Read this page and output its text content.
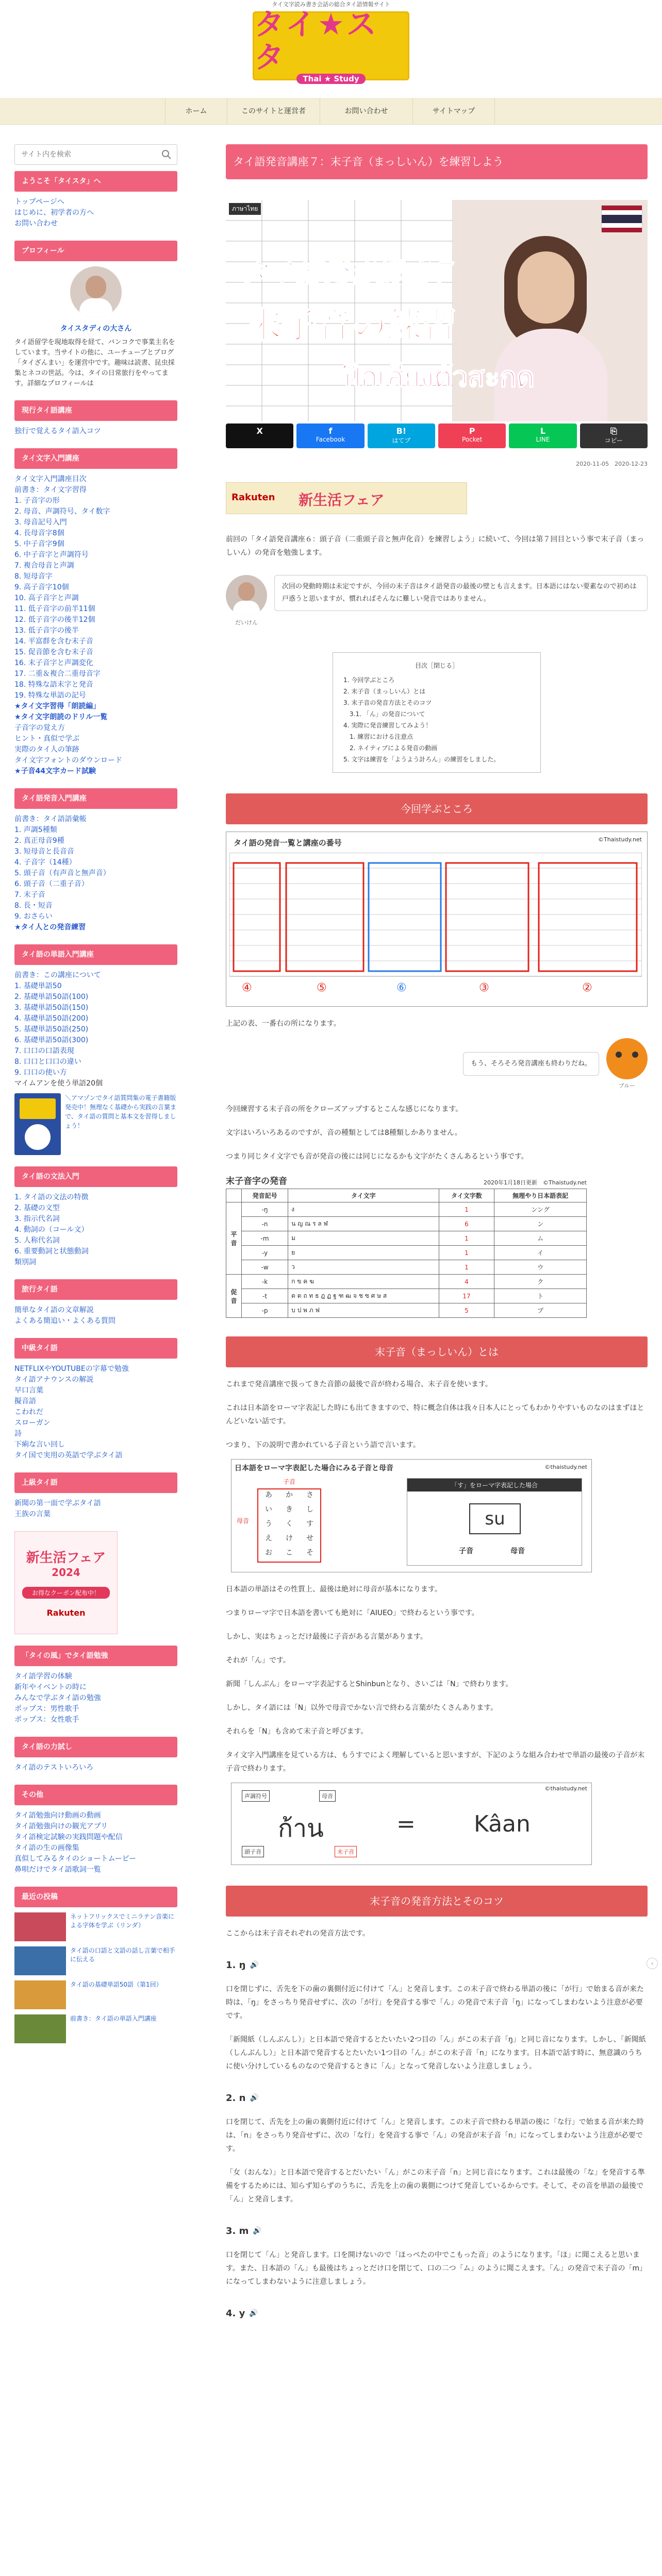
タイ文字読み書き会話の総合タイ語情報サイト
タイ★スタ
Thai ★ Study
ホーム	このサイトと運営者	お問い合わせ	サイトマップ
サイト内を検索
ようこそ「タイスタ」へ
トップページへ
はじめに、初学者の方へ
お問い合わせ
プロフィール
タイスタディの大さん
タイ語留学を現地取得を経て、バンコクで事業主名をしています。当サイトの他に、ユーチューブとブログ「タイざんまい」を運営中です。趣味は読書、昆虫採集とネコの世話。今は、タイの日常旅行をやってます。詳細なプロフィールは
現行タイ語講座
独行で覚えるタイ語入コツ
タイ文字入門講座
タイ文字入門講座目次
前書き：タイ文字習得
1. 子音字の形
2. 母音、声調符号、タイ数字
3. 母音記号入門
4. 長母音字8個
5. 中子音字9個
6. 中子音字と声調符号
7. 複合母音と声調
8. 短母音字
9. 高子音字10個
10. 高子音字と声調
11. 低子音字の前半11個
12. 低子音字の後半12個
13. 低子音字の後半
14. 平富群を含む末子音
15. 促音節を含む末子音
16. 末子音字と声調変化
17. 二重＆複合二重母音字
18. 特殊な語末字と発音
19. 特殊な単語の記号
★タイ文字習得「朗読編」
★タイ文字朗読のドリル一覧
子音字の覚え方
ヒント・真似で学ぶ
実際のタイ人の筆跡
タイ文字フォントのダウンロード
★子音44文字カード試験
タイ語発音入門講座
前書き：タイ語語彙帳
1. 声調5種類
2. 真正母音9種
3. 短母音と長音音
4. 子音字（14種）
5. 頭子音（有声音と無声音）
6. 頭子音（二重子音）
7. 末子音
8. 長・短音
9. おさらい
★タイ人との発音練習
タイ語の単語入門講座
前書き：この講座について
1. 基礎単語50
2. 基礎単語50語(100)
3. 基礎単語50語(150)
4. 基礎単語50語(200)
5. 基礎単語50語(250)
6. 基礎単語50語(300)
7. 口口の口語表現
8. 口口と口口の違い
9. 口口の使い方
マイムアンを使う単語20個
＼アマゾンでタイ語質問集の電子書籍版発売中！無理なく基礎から実践の言葉まで、タイ語の質問と基本文を習得しましょう！
タイ語の文法入門
1. タイ語の文法の特徴
2. 基礎の文型
3. 指示代名詞
4. 動詞の（コール文）
5. 人称代名詞
6. 重要動詞と状態動詞
類別詞
旅行タイ語
簡単なタイ語の文章解説
よくある簡追い・よくある質問
中級タイ語
NETFLIXやYOUTUBEの字幕で勉強
タイ語アナウンスの解説
早口言葉
擬音語
こわれだ
スローガン
詩
下痢な言い回し
タイ国で実用の英語で学ぶタイ語
上級タイ語
新聞の第一面で学ぶタイ語
王族の言葉
新生活フェア
2024
お得なクーポン配布中！
Rakuten
「タイの風」でタイ語勉強
タイ語学習の体験
新年やイベントの時に
みんなで学ぶタイ語の勉強
ポップス：男性歌手
ポップス：女性歌手
タイ語の力試し
タイ語のテストいろいろ
その他
タイ語勉強向け動画の動画
タイ語勉強向けの観光アプリ
タイ語検定試験の実践問題や配信
タイ語の生の画像集
真似してみるタイのショートムービー
鼻唄だけでタイ語歌詞一覧
最近の投稿
ネットフリックスでミニラテン音楽による字体を学ぶ（リンダ）
タイ語の口語と文語の話し言葉で相手に伝える
タイ語の基礎単語50語（第1回）
前書き：タイ語の単語入門講座
タイ語発音講座７：末子音（まっしいん）を練習しよう
ภาษาไทย
タイ語発音講座７
末子音の練習
ฝึกเสียงตัวสะกด
X	f
Facebook
B!
はてブ
P
Pocket
L
LINE
⎘
コピー
2020-11-05　2020-12-23
Rakuten 新生活フェア
前回の「タイ語発音講座６：頭子音（二重頭子音と無声化音）を練習しよう」に続いて、今回は第７回目という事で末子音（まっしいん）の発音を勉強します。
だいけん
次回の発動時期は未定ですが、今回の末子音はタイ語発音の最後の壁とも言えます。日本語にはない要素なので初めは戸惑うと思いますが、慣れればそんなに難しい発音ではありません。
目次［閉じる］
1. 今回学ぶところ
2. 末子音（まっしいん）とは
3. 末子音の発音方法とそのコツ
　3.1. 「ん」の発音について
4. 実際に発音練習してみよう！
　1. 練習における注意点
　2. ネイティブによる発音の動画
5. 文字は練習を「ようよう計ろん」の練習をしました。
今回学ぶところ
タイ語の発音一覧と講座の番号	©Thaistudy.net
④	⑤	⑥	③	②
上記の表、一番右の所になります。
もう、そろそろ発音講座も終わりだね。
ブルー
今回練習する末子音の所をクローズアップするとこんな感じになります。
文字はいろいろあるのですが、音の種類としては8種類しかありません。
つまり同じタイ文字でも音が発音の後には同じになるかも文字がたくさんあるという事です。
末子音字の発音	2020年1月18日更新　 ©Thaistudy.net
	発音記号	タイ文字	タイ文字数	無理やり日本語表記
平音	-ŋ	ง	1	ンング
	-n	น ญ ณ ร ล ฬ	6	ン
	-m	ม	1	ム
	-y	ย	1	イ
	-w	ว	1	ウ
促音	-k	ก ข ค ฆ	4	ク
	-t	ด ต ถ ท ธ ฎ ฏ ฐ ฑ ฒ จ ช ซ ศ ษ ส	17	ト
	-p	บ ป พ ภ ฟ	5	プ
末子音（まっしいん）とは
これまで発音講座で扱ってきた音節の最後で音が終わる場合、末子音を使います。
これは日本語をローマ字表記した時にも出てきますので、特に概念自体は我々日本人にとってもわかりやすいものなのはまずほとんどいない話です。
つまり、下の説明で書かれている子音という語で言います。
日本語をローマ字表記した場合にみる子音と母音	©thaistudy.net
子音
母音
あ	か	さ
い	き	し
う	く	す
え	け	せ
お	こ	そ
「す」をローマ字表記した場合
su
子音	母音
日本語の単語はその性質上、最後は絶対に母音が基本になります。
つまりローマ字で日本語を書いても絶対に「AIUEO」で終わるという事です。
しかし、実はちょっとだけ最後に子音がある言葉があります。
それが「ん」です。
新聞「しんぶん」をローマ字表記するとShinbunとなり、さいごは「N」で終わります。
しかし、タイ語には「N」以外で母音でかない言で終わる言葉がたくさんあります。
それらを「N」も含めて末子音と呼びます。
タイ文字入門講座を見ている方は、もうすでによく理解していると思いますが、下記のような組み合わせで単語の最後の子音が末子音で終わります。
©thaistudy.net
ก้าน	=	Kâan
声調符号
頭子音
母音
末子音
末子音の発音方法とそのコツ
ここからは末子音それぞれの発音方法です。
1. ŋ 🔊
口を閉じずに、舌先を下の歯の裏側付近に付けて「ん」と発音します。この末子音で終わる単語の後に「が行」で始まる音が来た時は、「ŋ」をさっちり発音せずに、次の「が行」を発音する事で「ん」の発音で末子音「ŋ」になってしまわないよう注意が必要です。
「新聞紙（しんぶんし）」と日本語で発音するとたいたい2つ目の「ん」がこの末子音「ŋ」と同じ音になります。しかし、「新聞紙（しんぶんし）」と日本語で発音するとたいたい1つ目の「ん」がこの末子音「n」になります。日本語で話す時に、無意識のうちに使い分けしているものなので発音するときに「ん」となって発音しないよう注意しましょう。
2. n 🔊
口を閉じて、舌先を上の歯の裏側付近に付けて「ん」と発音します。この末子音で終わる単語の後に「な行」で始まる音が来た時は、「n」をさっちり発音せずに、次の「な行」を発音する事で「ん」の発音が末子音「n」になってしまわないよう注意が必要です。
「女（おんな）」と日本語で発音するとだいたい「ん」がこの末子音「n」と同じ音になります。これは最後の「な」を発音する準備をするためには、知らず知らずのうちに、舌先を上の歯の裏側につけて発音しているからです。そして、その音を単語の最後で「ん」と発音します。
3. m 🔊
口を閉じて「ん」と発音します。口を開けないので「ほっぺたの中でこもった音」のようになります。「ほ」に聞こえると思います。また、日本語の「ん」も最後はちょっとだけ口を閉じて、口の二つ「ム」のように聞こえます。「ん」の発音で末子音の「m」になってしまわないように注意しましょう。
4. y 🔊
‹
